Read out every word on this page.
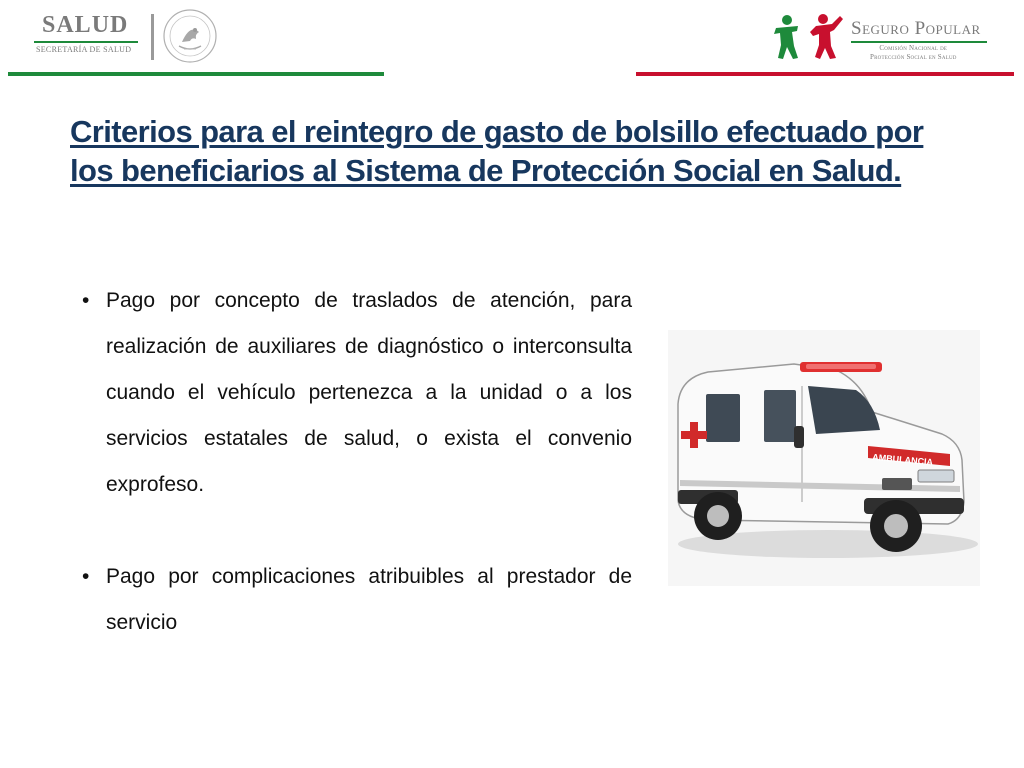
SALUD
SECRETARÍA DE SALUD
Seguro Popular
Comisión Nacional de
Protección Social en Salud
Criterios para el reintegro de gasto de bolsillo efectuado por los beneficiarios al Sistema de Protección Social en Salud.
• Pago por concepto de traslados de atención, para realización de auxiliares de diagnóstico o interconsulta cuando el vehículo pertenezca a la unidad o a los servicios estatales de salud, o exista el convenio exprofeso.
• Pago por complicaciones atribuibles al prestador de servicio
AMBULANCIA
